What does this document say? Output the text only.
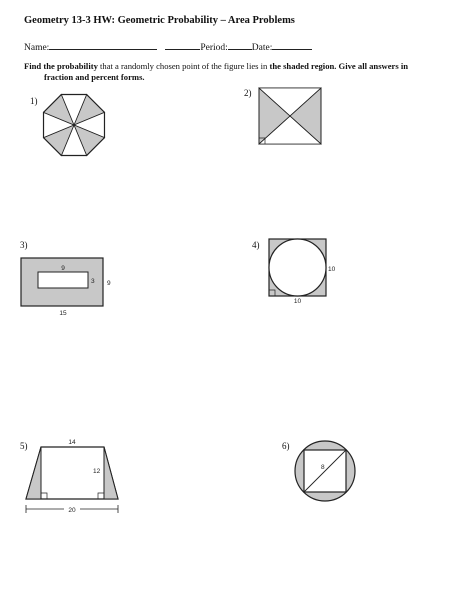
Geometry 13-3 HW: Geometric Probability – Area Problems
Name:	Period:	Date:
Find the probability that a randomly chosen point of the figure lies in the shaded region. Give all answers in
fraction and percent forms.
1)
2)
3)	4)
5)	6)
9
3 9
15
10
10
14
12
20
8
